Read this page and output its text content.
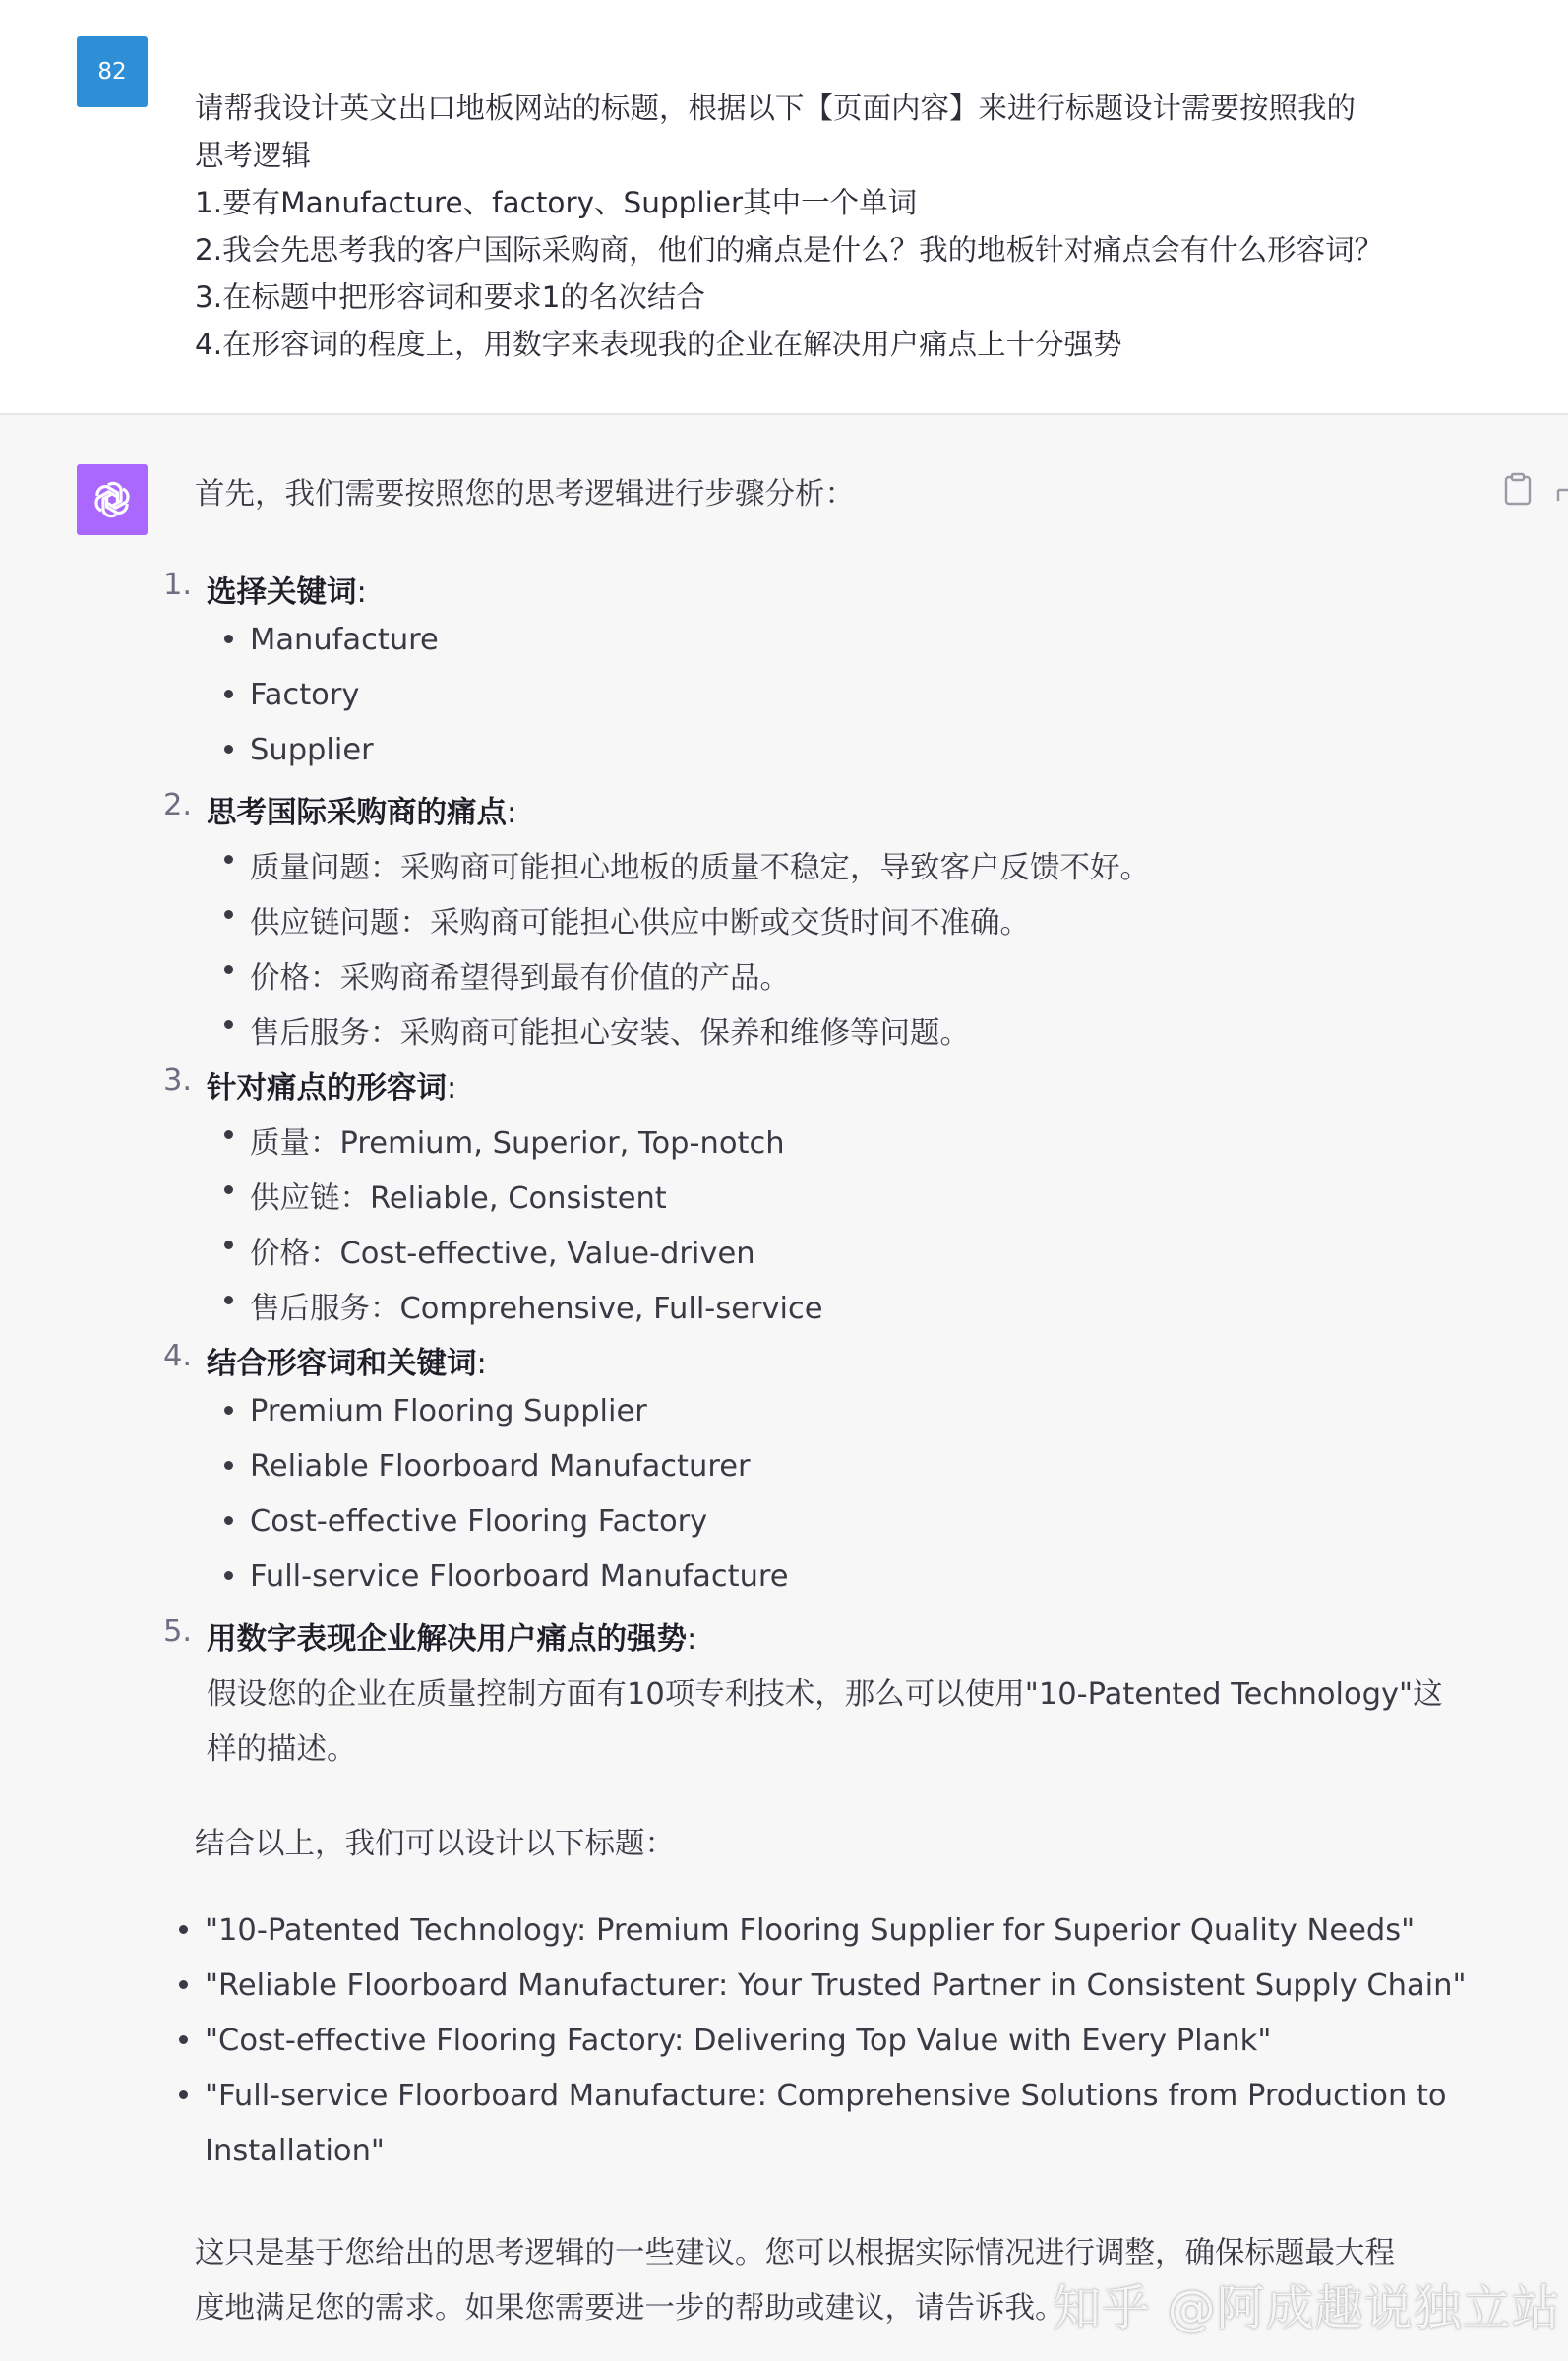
82
请帮我设计英文出口地板网站的标题，根据以下【页面内容】来进行标题设计需要按照我的
思考逻辑
1.要有Manufacture、factory、Supplier其中一个单词
2.我会先思考我的客户国际采购商，他们的痛点是什么？我的地板针对痛点会有什么形容词？
3.在标题中把形容词和要求1的名次结合
4.在形容词的程度上，用数字来表现我的企业在解决用户痛点上十分强势
首先，我们需要按照您的思考逻辑进行步骤分析：
1. 选择关键词:
Manufacture
Factory
Supplier
2. 思考国际采购商的痛点:
质量问题：采购商可能担心地板的质量不稳定，导致客户反馈不好。
供应链问题：采购商可能担心供应中断或交货时间不准确。
价格：采购商希望得到最有价值的产品。
售后服务：采购商可能担心安装、保养和维修等问题。
3. 针对痛点的形容词:
质量：Premium, Superior, Top-notch
供应链：Reliable, Consistent
价格：Cost-effective, Value-driven
售后服务：Comprehensive, Full-service
4. 结合形容词和关键词:
Premium Flooring Supplier
Reliable Floorboard Manufacturer
Cost-effective Flooring Factory
Full-service Floorboard Manufacture
5. 用数字表现企业解决用户痛点的强势:
假设您的企业在质量控制方面有10项专利技术，那么可以使用"10-Patented Technology"这
样的描述。
结合以上，我们可以设计以下标题：
"10-Patented Technology: Premium Flooring Supplier for Superior Quality Needs"
"Reliable Floorboard Manufacturer: Your Trusted Partner in Consistent Supply Chain"
"Cost-effective Flooring Factory: Delivering Top Value with Every Plank"
"Full-service Floorboard Manufacture: Comprehensive Solutions from Production to
Installation"
这只是基于您给出的思考逻辑的一些建议。您可以根据实际情况进行调整，确保标题最大程
度地满足您的需求。如果您需要进一步的帮助或建议，请告诉我。
知乎 @阿成趣说独立站
